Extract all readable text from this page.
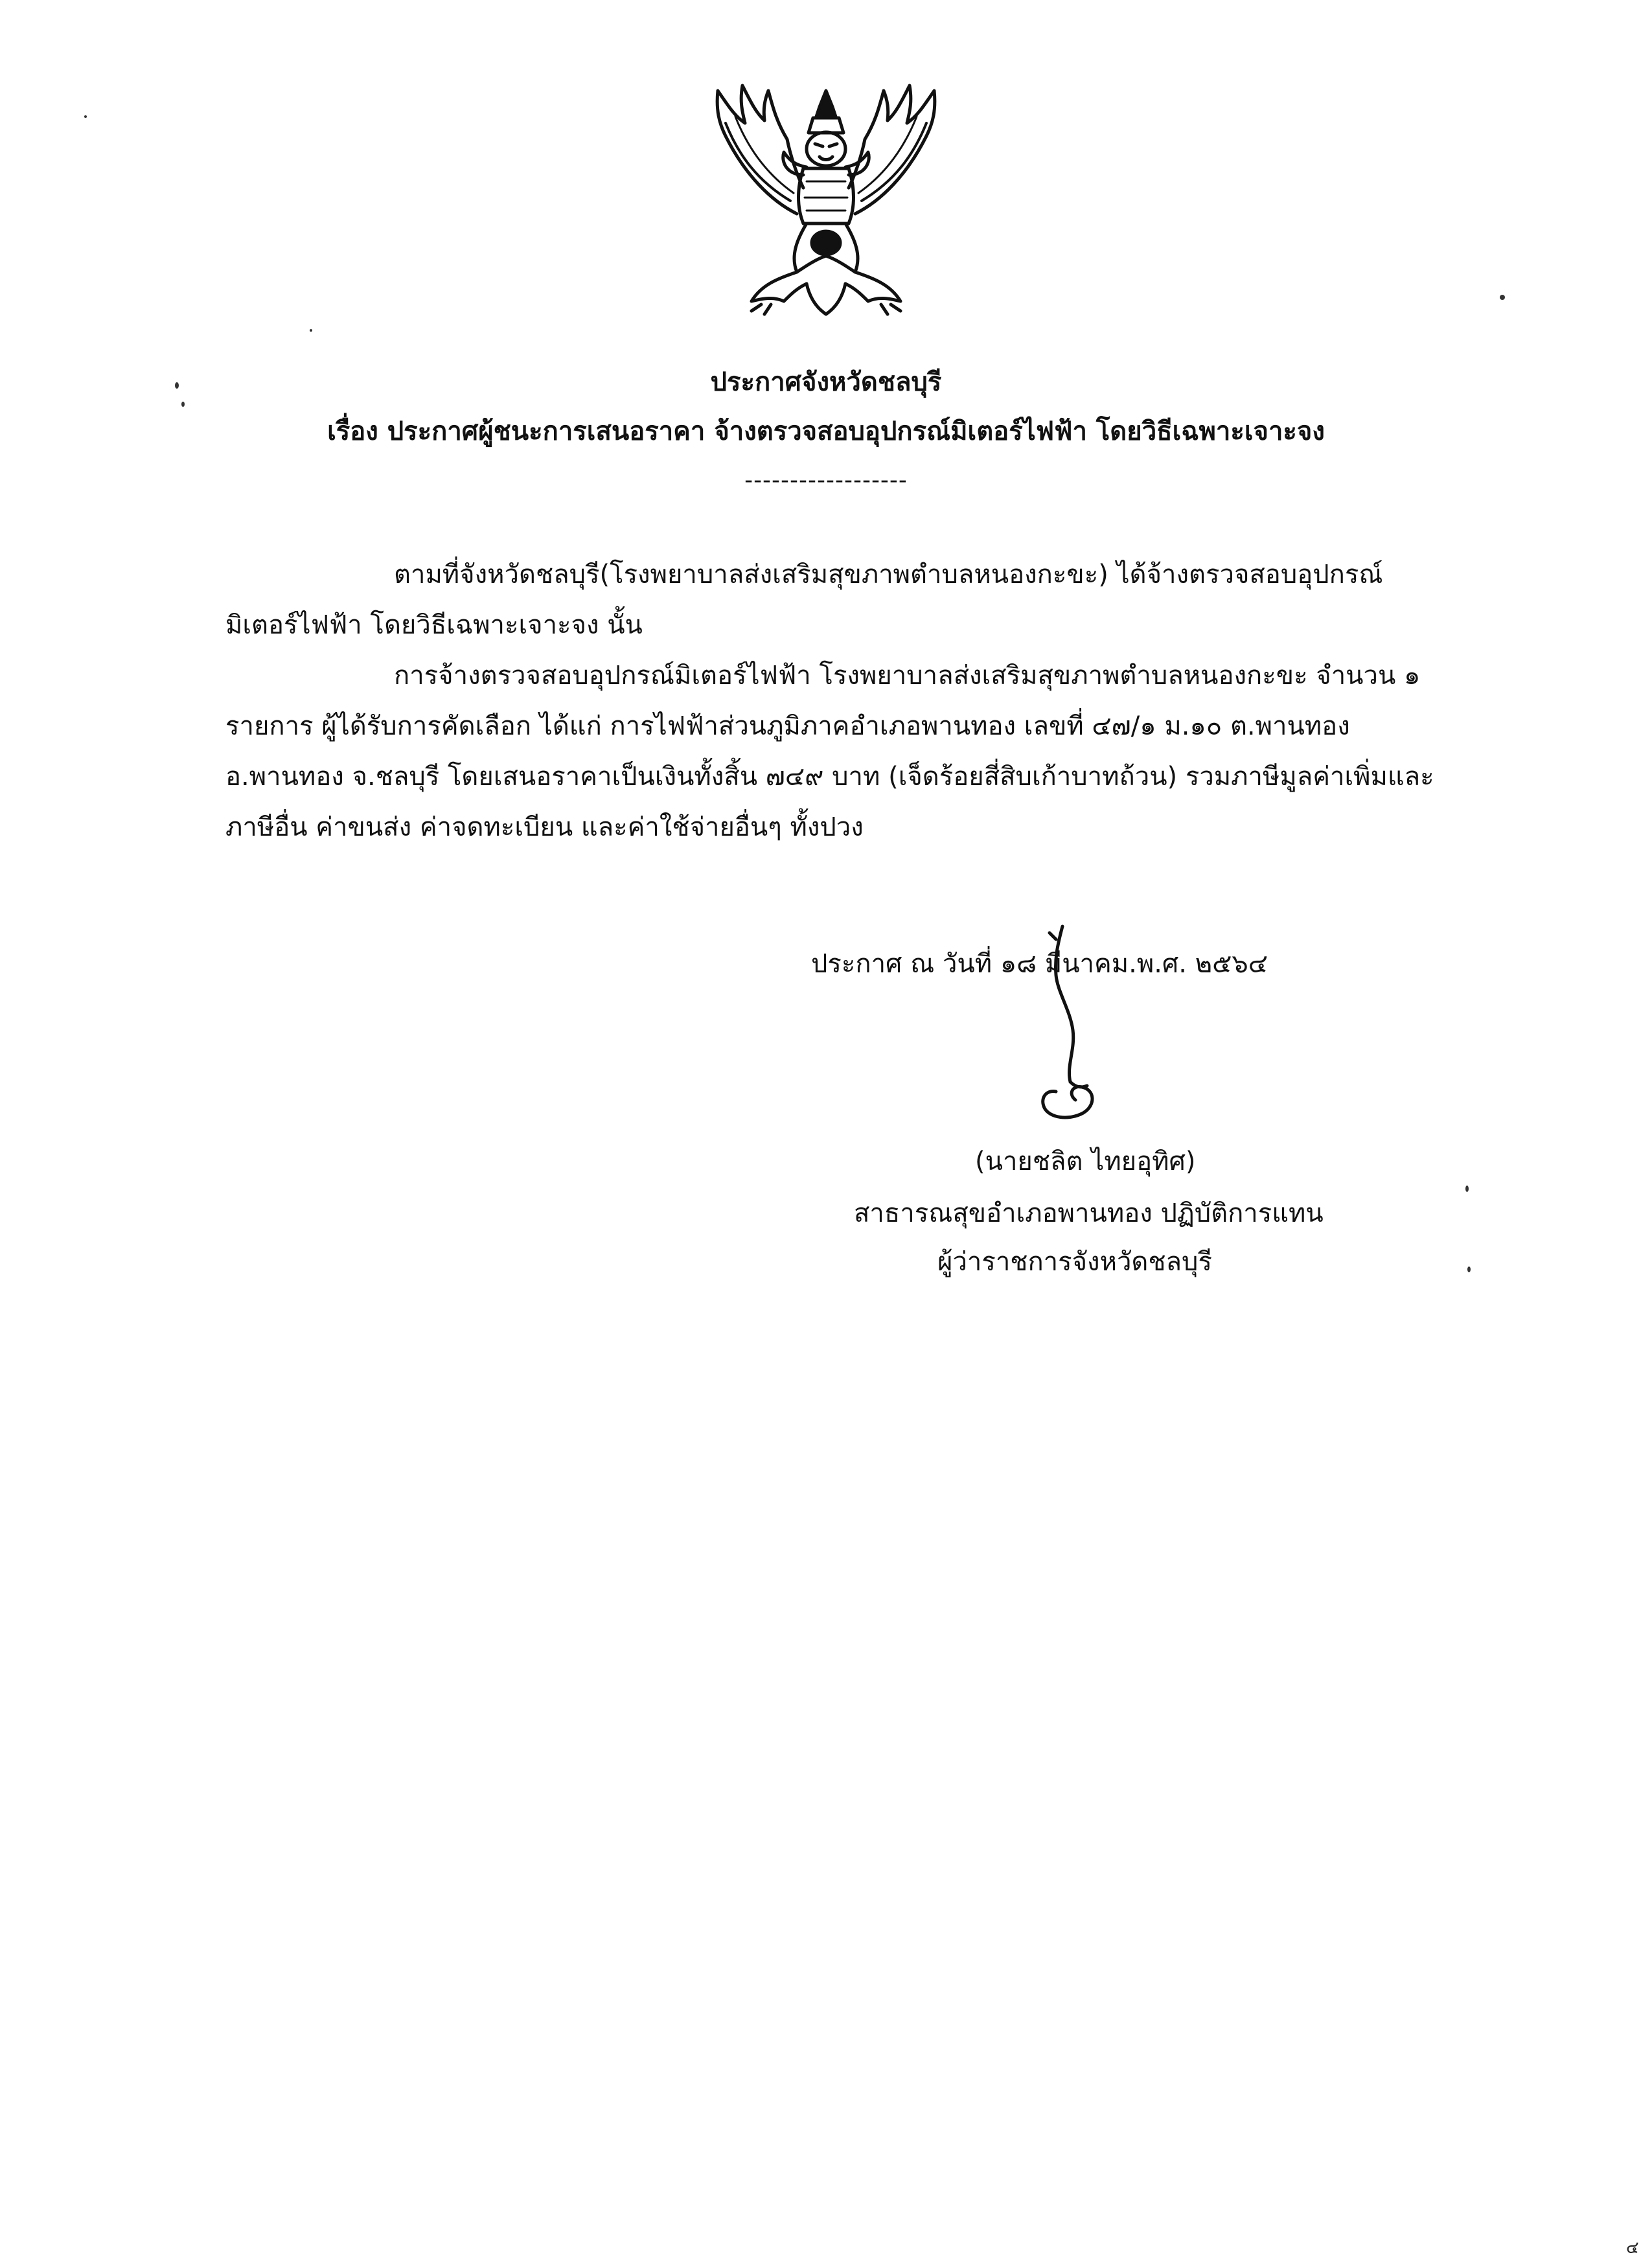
ประกาศจังหวัดชลบุรี
เรื่อง ประกาศผู้ชนะการเสนอราคา จ้างตรวจสอบอุปกรณ์มิเตอร์ไฟฟ้า โดยวิธีเฉพาะเจาะจง
------------------
ตามที่จังหวัดชลบุรี(โรงพยาบาลส่งเสริมสุขภาพตำบลหนองกะขะ) ได้จ้างตรวจสอบอุปกรณ์
มิเตอร์ไฟฟ้า โดยวิธีเฉพาะเจาะจง นั้น
การจ้างตรวจสอบอุปกรณ์มิเตอร์ไฟฟ้า โรงพยาบาลส่งเสริมสุขภาพตำบลหนองกะขะ จำนวน ๑
รายการ ผู้ได้รับการคัดเลือก ได้แก่ การไฟฟ้าส่วนภูมิภาคอำเภอพานทอง เลขที่ ๔๗/๑ ม.๑๐ ต.พานทอง
อ.พานทอง จ.ชลบุรี โดยเสนอราคาเป็นเงินทั้งสิ้น ๗๔๙ บาท (เจ็ดร้อยสี่สิบเก้าบาทถ้วน) รวมภาษีมูลค่าเพิ่มและ
ภาษีอื่น ค่าขนส่ง ค่าจดทะเบียน และค่าใช้จ่ายอื่นๆ ทั้งปวง
ประกาศ ณ วันที่ ๑๘ มีนาคม.พ.ศ. ๒๕๖๔
(นายชลิต ไทยอุทิศ)
สาธารณสุขอำเภอพานทอง ปฏิบัติการแทน
ผู้ว่าราชการจังหวัดชลบุรี
๔
